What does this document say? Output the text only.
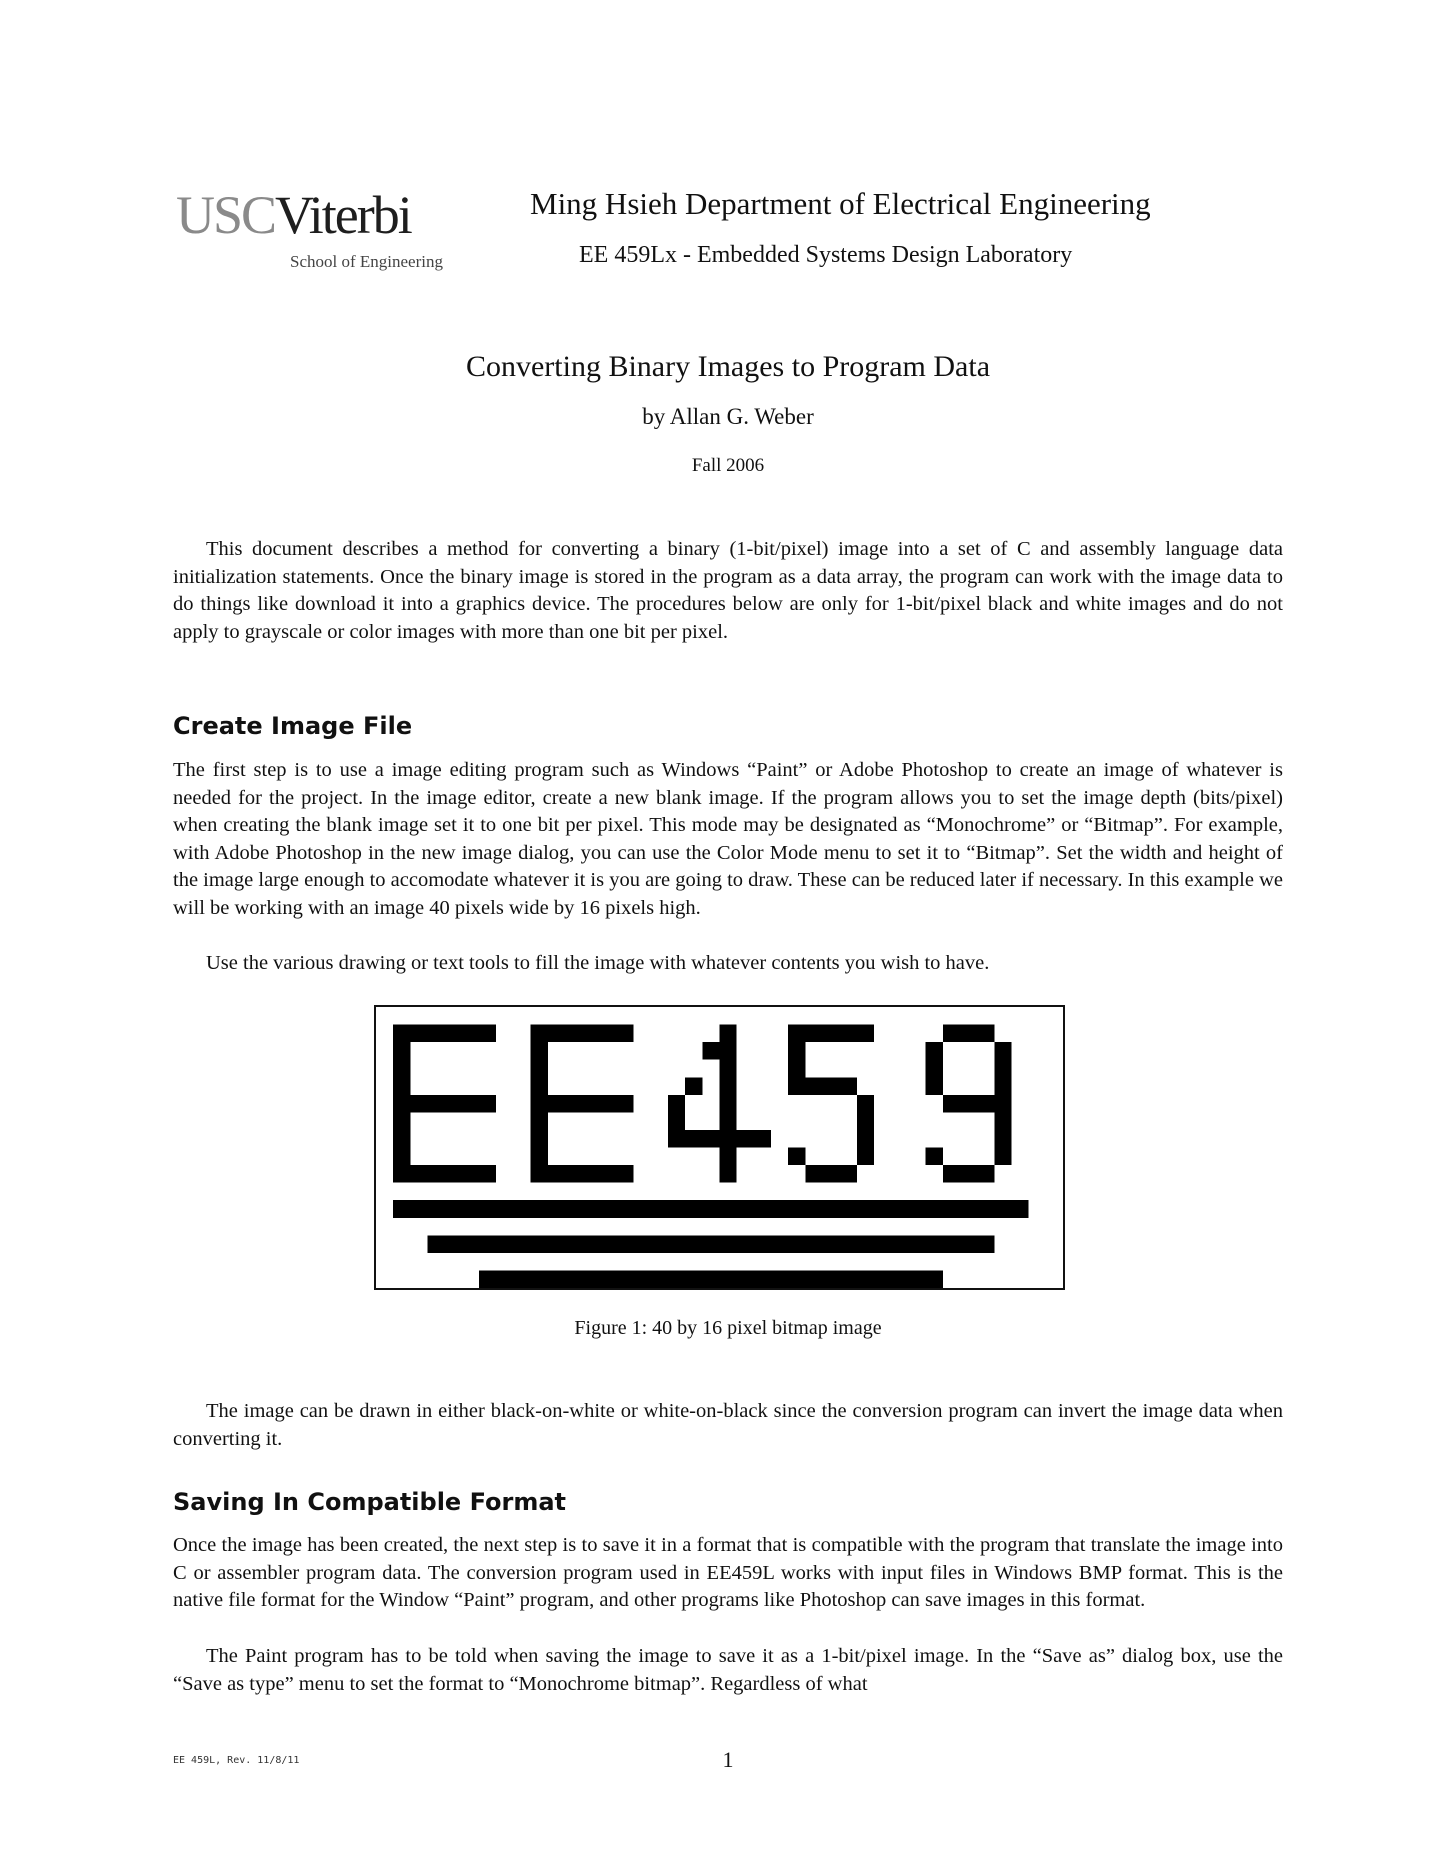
USCViterbi
School of Engineering
Ming Hsieh Department of Electrical Engineering
EE 459Lx - Embedded Systems Design Laboratory
Converting Binary Images to Program Data
by Allan G. Weber
Fall 2006

This document describes a method for converting a binary (1-bit/pixel) image into a set of C and assembly language data initialization statements. Once the binary image is stored in the program as a data array, the program can work with the image data to do things like download it into a graphics device. The procedures below are only for 1-bit/pixel black and white images and do not apply to grayscale or color images with more than one bit per pixel.

Create Image File

The first step is to use a image editing program such as Windows “Paint” or Adobe Photoshop to create an image of whatever is needed for the project. In the image editor, create a new blank image. If the program allows you to set the image depth (bits/pixel) when creating the blank image set it to one bit per pixel. This mode may be designated as “Monochrome” or “Bitmap”. For example, with Adobe Photoshop in the new image dialog, you can use the Color Mode menu to set it to “Bitmap”. Set the width and height of the image large enough to accomodate whatever it is you are going to draw. These can be reduced later if necessary. In this example we will be working with an image 40 pixels wide by 16 pixels high.

Use the various drawing or text tools to fill the image with whatever contents you wish to have.

Figure 1: 40 by 16 pixel bitmap image

The image can be drawn in either black-on-white or white-on-black since the conversion program can invert the image data when converting it.

Saving In Compatible Format

Once the image has been created, the next step is to save it in a format that is compatible with the program that translate the image into C or assembler program data. The conversion program used in EE459L works with input files in Windows BMP format. This is the native file format for the Window “Paint” program, and other programs like Photoshop can save images in this format.

The Paint program has to be told when saving the image to save it as a 1-bit/pixel image. In the “Save as” dialog box, use the “Save as type” menu to set the format to “Monochrome bitmap”. Regardless of what

EE 459L, Rev. 11/8/11	1
